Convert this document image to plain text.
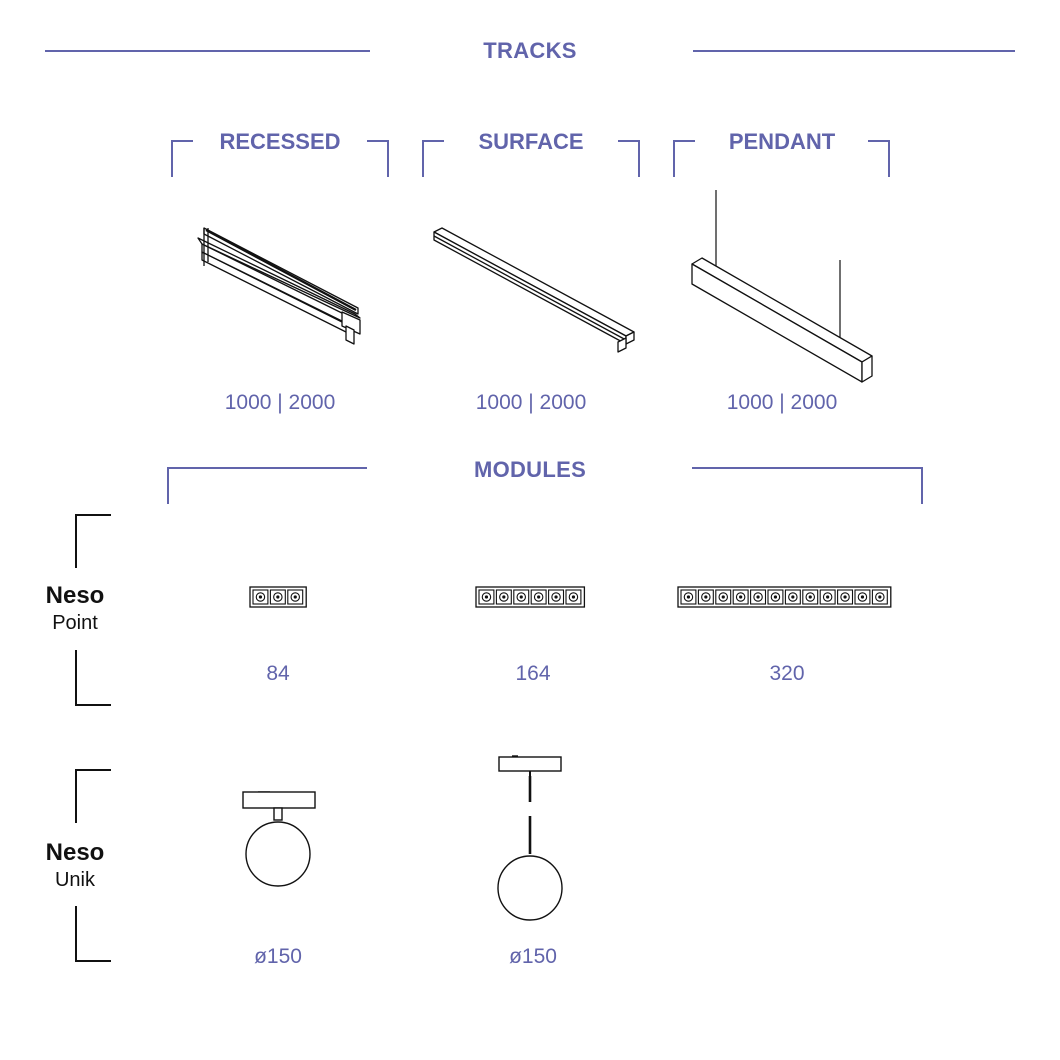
TRACKS
RECESSED	SURFACE	PENDANT
1000 | 2000	1000 | 2000	1000 | 2000
MODULES
Neso
Point
84	164	320
Neso
Unik
ø150	ø150
